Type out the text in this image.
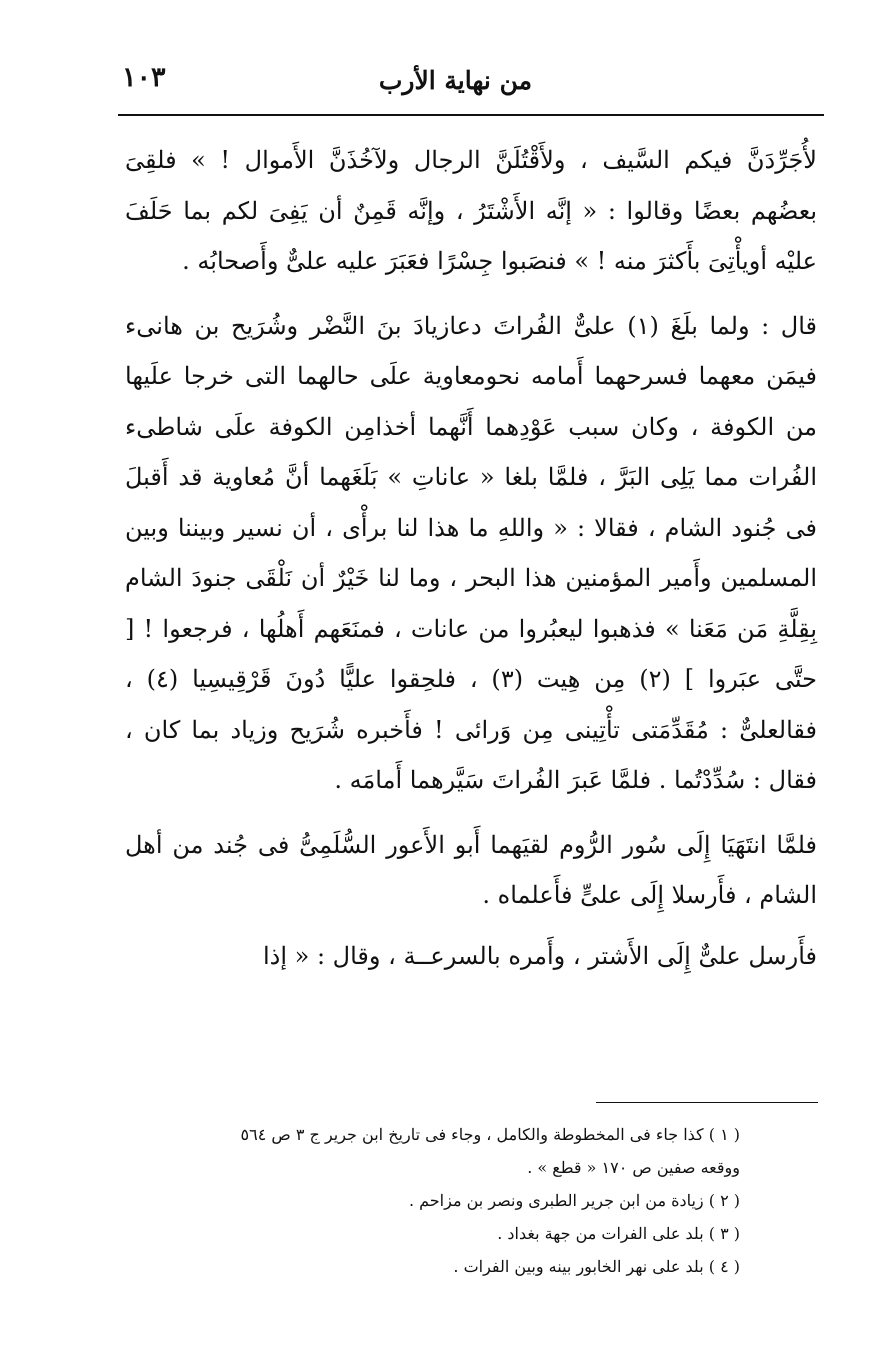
من نهاية الأرب
١٠٣

لأُجَرِّدَنَّ فيكم السَّيف ، ولأَقْتُلَنَّ الرجال ولآخُذَنَّ الأَموال ! » فلقِىَ بعضُهم بعضًا وقالوا : « إنَّه الأَشْتَرُ ، وإنَّه قَمِنٌ أن يَفِىَ لكم بما حَلَفَ عليْه أويأْتِىَ بأَكثرَ منه ! » فنصَبوا جِسْرًا فعَبَرَ عليه علىٌّ وأَصحابُه .

قال : ولما بلَغَ (١) علىٌّ الفُراتَ دعازيادَ بنَ النَّضْر وشُرَيح بن هانىء فيمَن معهما فسرحهما أَمامه نحومعاوية علَى حالهما التى خرجا علَيها من الكوفة ، وكان سبب عَوْدِهما أَنَّهما أخذامِن الكوفة علَى شاطىء الفُرات مما يَلِى البَرَّ ، فلمَّا بلغا « عاناتِ » بَلَغَهما أنَّ مُعاوية قد أَقبلَ فى جُنود الشام ، فقالا : « واللهِ ما هذا لنا برأْى ، أن نسير وبيننا وبين المسلمين وأَمير المؤمنين هذا البحر ، وما لنا خَيْرٌ أن نَلْقَى جنودَ الشام بِقِلَّةِ مَن مَعَنا » فذهبوا ليعبُروا من عانات ، فمنَعَهم أَهلُها ، فرجعوا ! [ حتَّى عبَروا ] (٢) مِن هِيت (٣) ، فلحِقوا عليًّا دُونَ قَرْقِيسِيا (٤) ، فقالعلىٌّ : مُقَدِّمَتى تأْتِينى مِن وَرائى ! فأَخبره شُرَيح وزياد بما كان ، فقال : سُدِّدْتُما . فلمَّا عَبرَ الفُراتَ سَيَّرهما أَمامَه .

فلمَّا انتَهَيَا إِلَى سُور الرُّوم لقيَهما أَبو الأَعور السُّلَمِىُّ فى جُند من أهل الشام ، فأَرسلا إِلَى علىٍّ فأَعلماه .

فأَرسل علىٌّ إِلَى الأَشتر ، وأَمره بالسرعــة ، وقال : « إذا

( ١ ) كذا جاء فى المخطوطة والكامل ، وجاء فى تاريخ ابن جرير ج ٣ ص ٥٦٤

ووقعه صفين ص ١٧٠ « قطع » .

( ٢ ) زيادة من ابن جرير الطبرى ونصر بن مزاحم .

( ٣ ) بلد على الفرات من جهة بغداد .

( ٤ ) بلد على نهر الخابور بينه وبين الفرات .
